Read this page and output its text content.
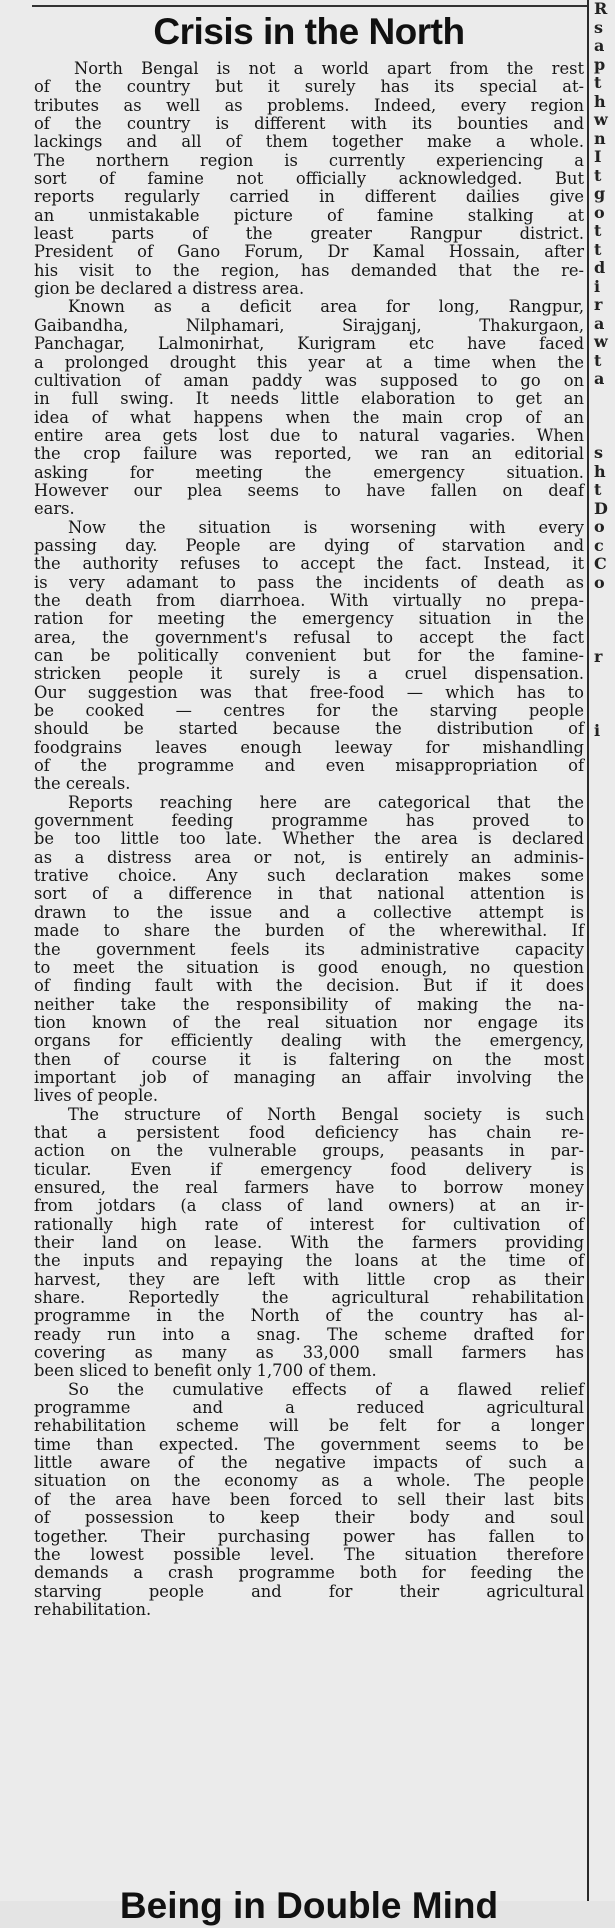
Crisis in the North
North Bengal is not a world apart from the rest
of the country but it surely has its special at-
tributes as well as problems. Indeed, every region
of the country is different with its bounties and
lackings and all of them together make a whole.
The northern region is currently experiencing a
sort of famine not officially acknowledged. But
reports regularly carried in different dailies give
an unmistakable picture of famine stalking at
least parts of the greater Rangpur district.
President of Gano Forum, Dr Kamal Hossain, after
his visit to the region, has demanded that the re-
gion be declared a distress area.
Known as a deficit area for long, Rangpur,
Gaibandha, Nilphamari, Sirajganj, Thakurgaon,
Panchagar, Lalmonirhat, Kurigram etc have faced
a prolonged drought this year at a time when the
cultivation of aman paddy was supposed to go on
in full swing. It needs little elaboration to get an
idea of what happens when the main crop of an
entire area gets lost due to natural vagaries. When
the crop failure was reported, we ran an editorial
asking for meeting the emergency situation.
However our plea seems to have fallen on deaf
ears.
Now the situation is worsening with every
passing day. People are dying of starvation and
the authority refuses to accept the fact. Instead, it
is very adamant to pass the incidents of death as
the death from diarrhoea. With virtually no prepa-
ration for meeting the emergency situation in the
area, the government's refusal to accept the fact
can be politically convenient but for the famine-
stricken people it surely is a cruel dispensation.
Our suggestion was that free-food — which has to
be cooked — centres for the starving people
should be started because the distribution of
foodgrains leaves enough leeway for mishandling
of the programme and even misappropriation of
the cereals.
Reports reaching here are categorical that the
government feeding programme has proved to
be too little too late. Whether the area is declared
as a distress area or not, is entirely an adminis-
trative choice. Any such declaration makes some
sort of a difference in that national attention is
drawn to the issue and a collective attempt is
made to share the burden of the wherewithal. If
the government feels its administrative capacity
to meet the situation is good enough, no question
of finding fault with the decision. But if it does
neither take the responsibility of making the na-
tion known of the real situation nor engage its
organs for efficiently dealing with the emergency,
then of course it is faltering on the most
important job of managing an affair involving the
lives of people.
The structure of North Bengal society is such
that a persistent food deficiency has chain re-
action on the vulnerable groups, peasants in par-
ticular. Even if emergency food delivery is
ensured, the real farmers have to borrow money
from jotdars (a class of land owners) at an ir-
rationally high rate of interest for cultivation of
their land on lease. With the farmers providing
the inputs and repaying the loans at the time of
harvest, they are left with little crop as their
share. Reportedly the agricultural rehabilitation
programme in the North of the country has al-
ready run into a snag. The scheme drafted for
covering as many as 33,000 small farmers has
been sliced to benefit only 1,700 of them.
So the cumulative effects of a flawed relief
programme and a reduced agricultural
rehabilitation scheme will be felt for a longer
time than expected. The government seems to be
little aware of the negative impacts of such a
situation on the economy as a whole. The people
of the area have been forced to sell their last bits
of possession to keep their body and soul
together. Their purchasing power has fallen to
the lowest possible level. The situation therefore
demands a crash programme both for feeding the
starving people and for their agricultural
rehabilitation.
Being in Double Mind
R
s
a
p
t
h
w
n
I
t
g
o
t
t
d
i
r
a
w
t
a

s
h
t
D
o
c
C
o

r

i
